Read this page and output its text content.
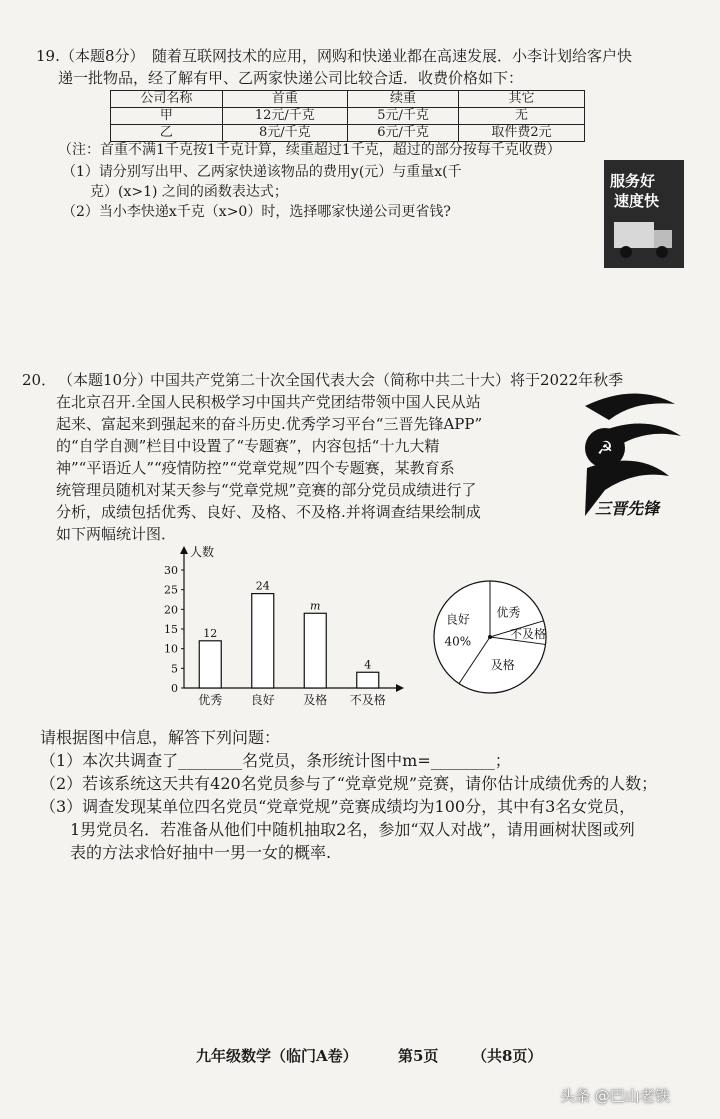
19. （本题8分） 随着互联网技术的应用，网购和快递业都在高速发展．小李计划给客户快
递一批物品，经了解有甲、乙两家快递公司比较合适．收费价格如下：
公司名称	首重	续重	其它
甲	12元/千克	5元/千克	无
乙	8元/千克	6元/千克	取件费2元
（注：首重不满1千克按1千克计算，续重超过1千克，超过的部分按每千克收费）
（1）请分别写出甲、乙两家快递该物品的费用y(元）与重量x(千
克）(x>1) 之间的函数表达式；
（2）当小李快递x千克（x>0）时，选择哪家快递公司更省钱?
服务好
速度快
20． （本题10分）
中国共产党第二十次全国代表大会（简称中共二十大）将于2022年秋季
在北京召开.全国人民积极学习中国共产党团结带领中国人民从站
起来、富起来到强起来的奋斗历史.优秀学习平台“三晋先锋APP”
的“自学自测”栏目中设置了“专题赛”，内容包括“十九大精
神”“平语近人”“疫情防控”“党章党规”四个专题赛，某教育系
统管理员随机对某天参与“党章党规”竞赛的部分党员成绩进行了
分析，成绩包括优秀、良好、及格、不及格.并将调查结果绘制成
如下两幅统计图．
☭
三晋先锋
人数
0
5
10
15
20
25
30
12
优秀
24
良好
m
及格
4
不及格
优秀
不及格
及格
良好
40%
请根据图中信息，解答下列问题：
（1）本次共调查了________名党员，条形统计图中m=________；
（2）若该系统这天共有420名党员参与了“党章党规”竞赛，请你估计成绩优秀的人数；
（3）调查发现某单位四名党员“党章党规”竞赛成绩均为100分，其中有3名女党员，
1男党员名．若准备从他们中随机抽取2名，参加“双人对战”，请用画树状图或列
表的方法求恰好抽中一男一女的概率.
九年级数学（临门A卷）	第5页 （共8页）
头条 @巴山老铁
